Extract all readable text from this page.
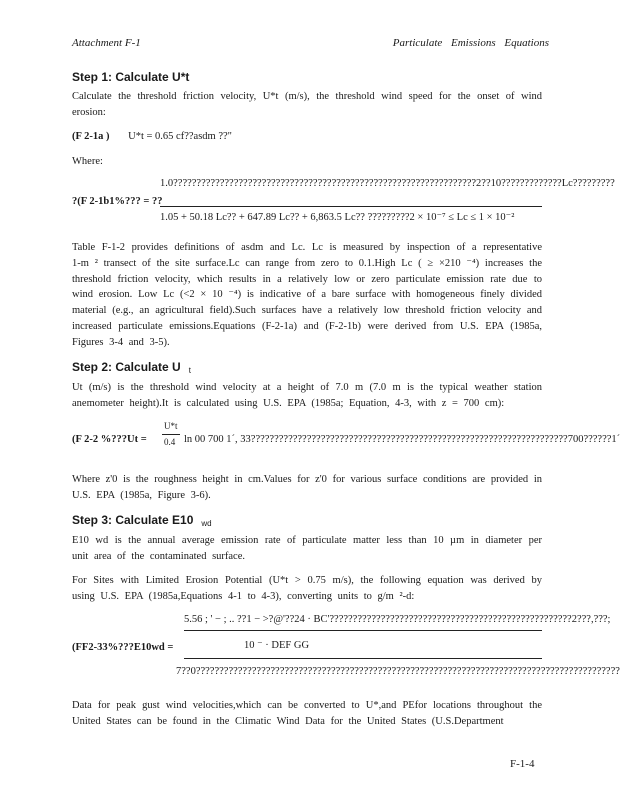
Attachment F-1	Particulate Emissions Equations
Step 1: Calculate U*t

Calculate the threshold friction velocity, U*t (m/s), the threshold wind speed for the onset of wind erosion:

(F 2-1a ) U*t = 0.65 cf??asdm ??"

Where:

1.0?????????????????????????????????????????????????????????????????2??10?????????????Lc?????????
?(F 2-1b1%??? = ??
1.05 + 50.18 Lc?? + 647.89 Lc?? + 6,863.5 Lc?? ?????????2 × 10⁻⁷ ≤ Lc ≤ 1 × 10⁻²

Table F-1-2 provides definitions of asdm and Lc. Lc is measured by inspection of a representative 1-m ² transect of the site surface.Lc can range from zero to 0.1.High Lc ( ≥ ×210 ⁻⁴) increases the threshold friction velocity, which results in a relatively low or zero particulate emission rate due to wind erosion. Low Lc (<2 × 10 ⁻⁴) is indicative of a bare surface with homogeneous finely divided material (e.g., an agricultural field).Such surfaces have a relatively low threshold friction velocity and increased particulate emissions.Equations (F-2-1a) and (F-2-1b) were derived from U.S. EPA (1985a, Figures 3-4 and 3-5).

Step 2: Calculate U $_t$

Ut (m/s) is the threshold wind velocity at a height of 7.0 m (7.0 m is the typical weather station anemometer height).It is calculated using U.S. EPA (1985a; Equation, 4-3, with z = 700 cm):

(F 2-2 %???Ut =
U*t
0.4 ln 00 700 1´, 33????????????????????????????????????????????????????????????????????700??????1´

Where z'0 is the roughness height in cm.Values for z'0 for various surface conditions are provided in U.S. EPA (1985a, Figure 3-6).

Step 3: Calculate E10 $_{wd}$

E10 wd is the annual average emission rate of particulate matter less than 10 µm in diameter per unit area of the contaminated surface.

For Sites with Limited Erosion Potential (U*t > 0.75 m/s), the following equation was derived by using U.S. EPA (1985a,Equations 4-1 to 4-3), converting units to g/m ²-d:

(FF2-33%???E10wd =
5.56 ; ' − ; .. ??1 − >?@'??24 · BC'????????????????????????????????????????????????????2???,???;
10 ⁻ · DEF GG
7??0???????????????????????????????????????????????????????????????????????????????????????????

Data for peak gust wind velocities,which can be converted to U*,and PEfor locations throughout the United States can be found in the Climatic Wind Data for the United States (U.S.Department

F-1-4
